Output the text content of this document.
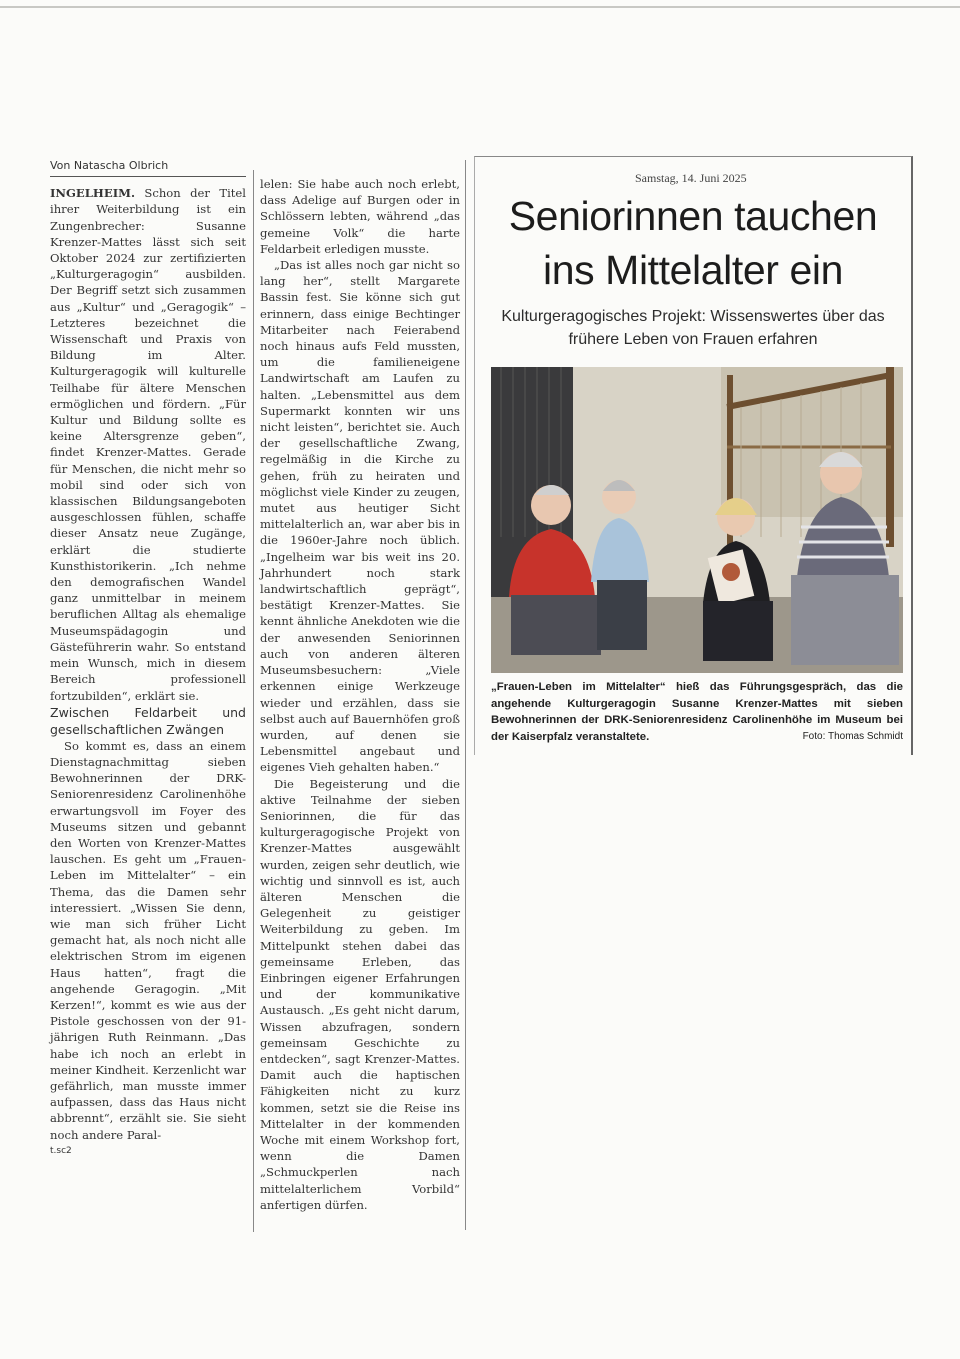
Von Natascha Olbrich

INGELHEIM. Schon der Titel ihrer Weiterbildung ist ein Zungenbrecher: Susanne Krenzer-Mattes lässt sich seit Oktober 2024 zur zertifizierten „Kulturgeragogin“ ausbilden. Der Begriff setzt sich zusammen aus „Kultur“ und „Geragogik“ – Letzteres bezeichnet die Wissenschaft und Praxis von Bildung im Alter. Kulturgeragogik will kulturelle Teilhabe für ältere Menschen ermöglichen und fördern. „Für Kultur und Bildung sollte es keine Altersgrenze geben“, findet Krenzer-Mattes. Gerade für Menschen, die nicht mehr so mobil sind oder sich von klassischen Bildungsangeboten ausgeschlossen fühlen, schaffe dieser Ansatz neue Zugänge, erklärt die studierte Kunsthistorikerin. „Ich nehme den demografischen Wandel ganz unmittelbar in meinem beruflichen Alltag als ehemalige Museumspädagogin und Gästeführerin wahr. So entstand mein Wunsch, mich in diesem Bereich professionell fortzubilden“, erklärt sie.

Zwischen Feldarbeit und gesellschaftlichen Zwängen

So kommt es, dass an einem Dienstagnachmittag sieben Bewohnerinnen der DRK-Seniorenresidenz Carolinenhöhe erwartungsvoll im Foyer des Museums sitzen und gebannt den Worten von Krenzer-Mattes lauschen. Es geht um „Frauen-Leben im Mittelalter“ – ein Thema, das die Damen sehr interessiert. „Wissen Sie denn, wie man sich früher Licht gemacht hat, als noch nicht alle elektrischen Strom im eigenen Haus hatten“, fragt die angehende Geragogin. „Mit Kerzen!“, kommt es wie aus der Pistole geschossen von der 91-jährigen Ruth Reinmann. „Das habe ich noch an erlebt in meiner Kindheit. Kerzenlicht war gefährlich, man musste immer aufpassen, dass das Haus nicht abbrennt“, erzählt sie. Sie sieht noch andere Paral-

t.sc2

lelen: Sie habe auch noch erlebt, dass Adelige auf Burgen oder in Schlössern lebten, während „das gemeine Volk“ die harte Feldarbeit erledigen musste.

„Das ist alles noch gar nicht so lang her“, stellt Margarete Bassin fest. Sie könne sich gut erinnern, dass einige Bechtinger Mitarbeiter nach Feierabend noch hinaus aufs Feld mussten, um die familieneigene Landwirtschaft am Laufen zu halten. „Lebensmittel aus dem Supermarkt konnten wir uns nicht leisten“, berichtet sie. Auch der gesellschaftliche Zwang, regelmäßig in die Kirche zu gehen, früh zu heiraten und möglichst viele Kinder zu zeugen, mutet aus heutiger Sicht mittelalterlich an, war aber bis in die 1960er-Jahre noch üblich. „Ingelheim war bis weit ins 20. Jahrhundert noch stark landwirtschaftlich geprägt“, bestätigt Krenzer-Mattes. Sie kennt ähnliche Anekdoten wie die der anwesenden Seniorinnen auch von anderen älteren Museumsbesuchern: „Viele erkennen einige Werkzeuge wieder und erzählen, dass sie selbst auch auf Bauernhöfen groß wurden, auf denen sie Lebensmittel angebaut und eigenes Vieh gehalten haben.“

Die Begeisterung und die aktive Teilnahme der sieben Seniorinnen, die für das kulturgeragogische Projekt von Krenzer-Mattes ausgewählt wurden, zeigen sehr deutlich, wie wichtig und sinnvoll es ist, auch älteren Menschen die Gelegenheit zu geistiger Weiterbildung zu geben. Im Mittelpunkt stehen dabei das gemeinsame Erleben, das Einbringen eigener Erfahrungen und der kommunikative Austausch. „Es geht nicht darum, Wissen abzufragen, sondern gemeinsam Geschichte zu entdecken“, sagt Krenzer-Mattes. Damit auch die haptischen Fähigkeiten nicht zu kurz kommen, setzt sie die Reise ins Mittelalter in der kommenden Woche mit einem Workshop fort, wenn die Damen „Schmuckperlen nach mittelalterlichem Vorbild“ anfertigen dürfen.

Samstag, 14. Juni 2025
Seniorinnen tauchen ins Mittelalter ein
Kulturgeragogisches Projekt: Wissenswertes über das frühere Leben von Frauen erfahren
„Frauen-Leben im Mittelalter“ hieß das Führungsgespräch, das die angehende Kulturgeragogin Susanne Krenzer-Mattes mit sieben Bewohnerinnen der DRK-Seniorenresidenz Carolinenhöhe im Museum bei der Kaiserpfalz veranstaltete.	Foto: Thomas Schmidt
